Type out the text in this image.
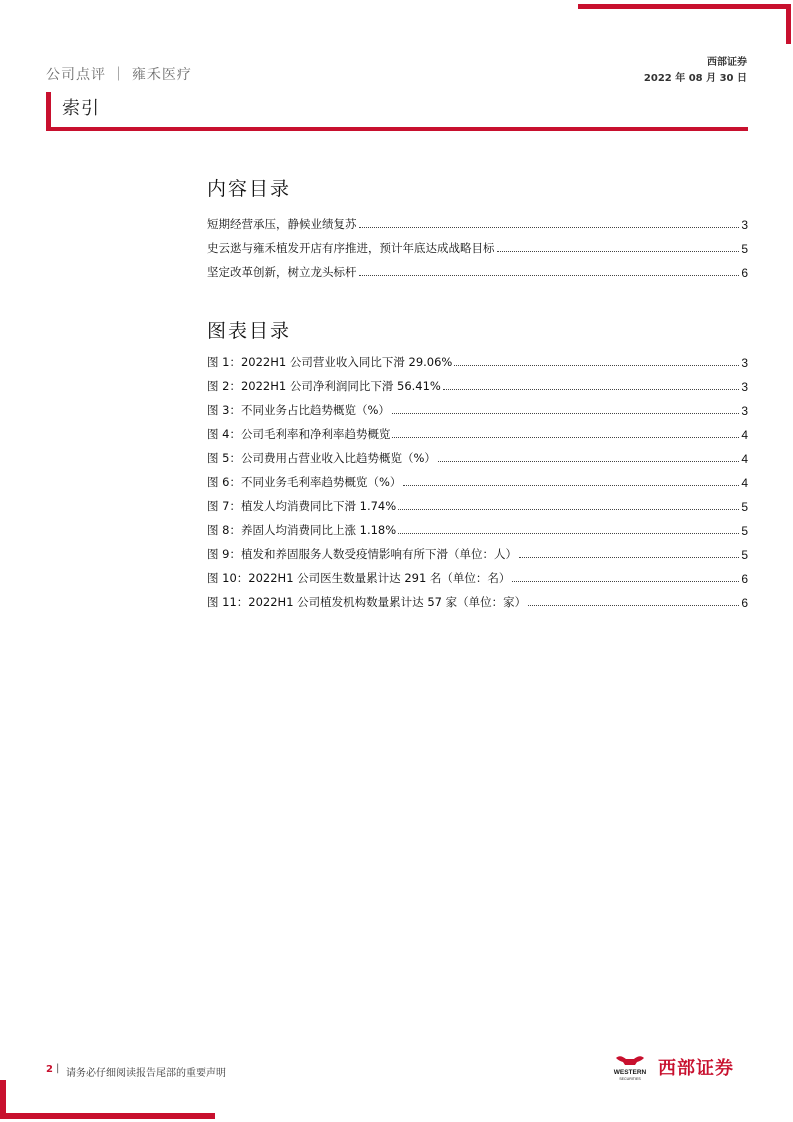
公司点评 ｜ 雍禾医疗
西部证券
2022 年 08 月 30 日
索引
内容目录
短期经营承压，静候业绩复苏	3
史云逖与雍禾植发开店有序推进，预计年底达成战略目标	5
坚定改革创新，树立龙头标杆	6
图表目录
图 1：2022H1 公司营业收入同比下滑 29.06%	3
图 2：2022H1 公司净利润同比下滑 56.41%	3
图 3：不同业务占比趋势概览（%）	3
图 4：公司毛利率和净利率趋势概览	4
图 5：公司费用占营业收入比趋势概览（%）	4
图 6：不同业务毛利率趋势概览（%）	4
图 7：植发人均消费同比下滑 1.74%	5
图 8：养固人均消费同比上涨 1.18%	5
图 9：植发和养固服务人数受疫情影响有所下滑（单位：人）	5
图 10：2022H1 公司医生数量累计达 291 名（单位：名）	6
图 11：2022H1 公司植发机构数量累计达 57 家（单位：家）	6
2 | 请务必仔细阅读报告尾部的重要声明	WESTERN
SECURITIES 西部证券
